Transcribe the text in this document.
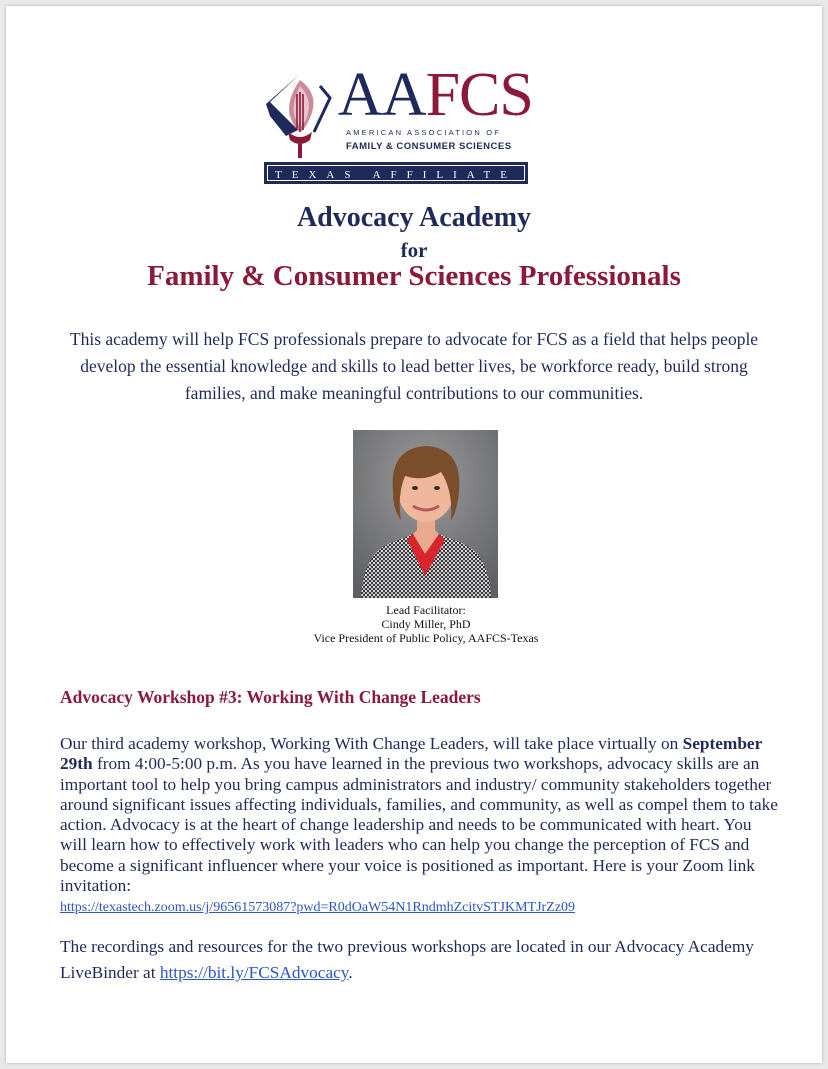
AAFCS
AMERICAN ASSOCIATION OF
FAMILY & CONSUMER SCIENCES
TEXAS AFFILIATE
Advocacy Academy
for
Family & Consumer Sciences Professionals
This academy will help FCS professionals prepare to advocate for FCS as a field that helps people develop the essential knowledge and skills to lead better lives, be workforce ready, build strong families, and make meaningful contributions to our communities.
Lead Facilitator:
Cindy Miller, PhD
Vice President of Public Policy, AAFCS-Texas
Advocacy Workshop #3: Working With Change Leaders
Our third academy workshop, Working With Change Leaders, will take place virtually on September 29th from 4:00-5:00 p.m. As you have learned in the previous two workshops, advocacy skills are an important tool to help you bring campus administrators and industry/ community stakeholders together around significant issues affecting individuals, families, and community, as well as compel them to take action. Advocacy is at the heart of change leadership and needs to be communicated with heart. You will learn how to effectively work with leaders who can help you change the perception of FCS and become a significant influencer where your voice is positioned as important. Here is your Zoom link invitation:
https://texastech.zoom.us/j/96561573087?pwd=R0dOaW54N1RndmhZcitvSTJKMTJrZz09
The recordings and resources for the two previous workshops are located in our Advocacy Academy LiveBinder at https://bit.ly/FCSAdvocacy.
